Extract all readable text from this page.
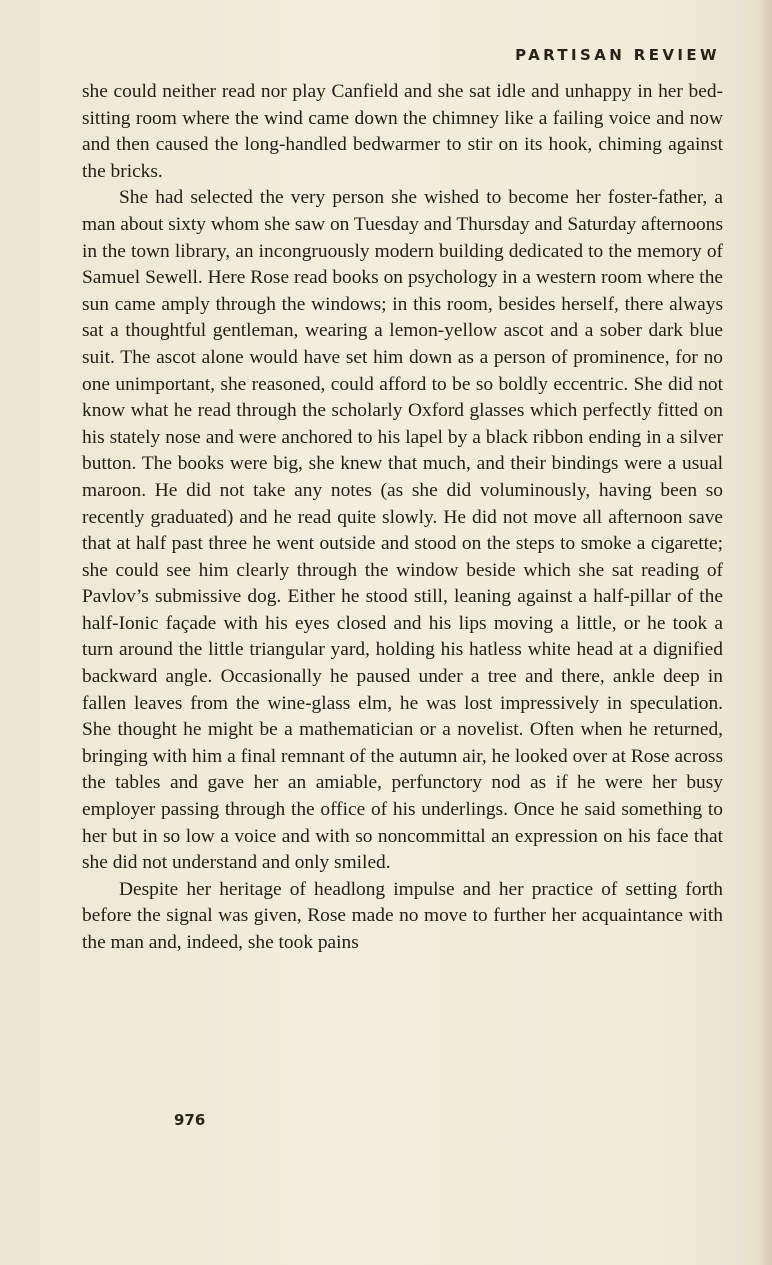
PARTISAN REVIEW

she could neither read nor play Canfield and she sat idle and unhappy in her bed-sitting room where the wind came down the chimney like a failing voice and now and then caused the long-handled bedwarmer to stir on its hook, chiming against the bricks.

She had selected the very person she wished to become her foster-father, a man about sixty whom she saw on Tuesday and Thursday and Saturday afternoons in the town library, an incongruously modern building dedicated to the memory of Samuel Sewell. Here Rose read books on psychology in a western room where the sun came amply through the windows; in this room, besides herself, there always sat a thoughtful gentleman, wearing a lemon-yellow ascot and a sober dark blue suit. The ascot alone would have set him down as a person of prominence, for no one unimportant, she reasoned, could afford to be so boldly eccentric. She did not know what he read through the scholarly Oxford glasses which perfectly fitted on his stately nose and were anchored to his lapel by a black ribbon ending in a silver button. The books were big, she knew that much, and their bindings were a usual maroon. He did not take any notes (as she did voluminously, having been so recently graduated) and he read quite slowly. He did not move all afternoon save that at half past three he went outside and stood on the steps to smoke a cigarette; she could see him clearly through the window beside which she sat reading of Pavlov’s submissive dog. Either he stood still, leaning against a half-pillar of the half-Ionic façade with his eyes closed and his lips moving a little, or he took a turn around the little triangular yard, holding his hatless white head at a dignified backward angle. Occasionally he paused under a tree and there, ankle deep in fallen leaves from the wine-glass elm, he was lost impressively in speculation. She thought he might be a mathematician or a novelist. Often when he returned, bringing with him a final remnant of the autumn air, he looked over at Rose across the tables and gave her an amiable, perfunctory nod as if he were her busy employer passing through the office of his underlings. Once he said something to her but in so low a voice and with so noncommittal an expression on his face that she did not understand and only smiled.

Despite her heritage of headlong impulse and her practice of setting forth before the signal was given, Rose made no move to further her acquaintance with the man and, indeed, she took pains

976
